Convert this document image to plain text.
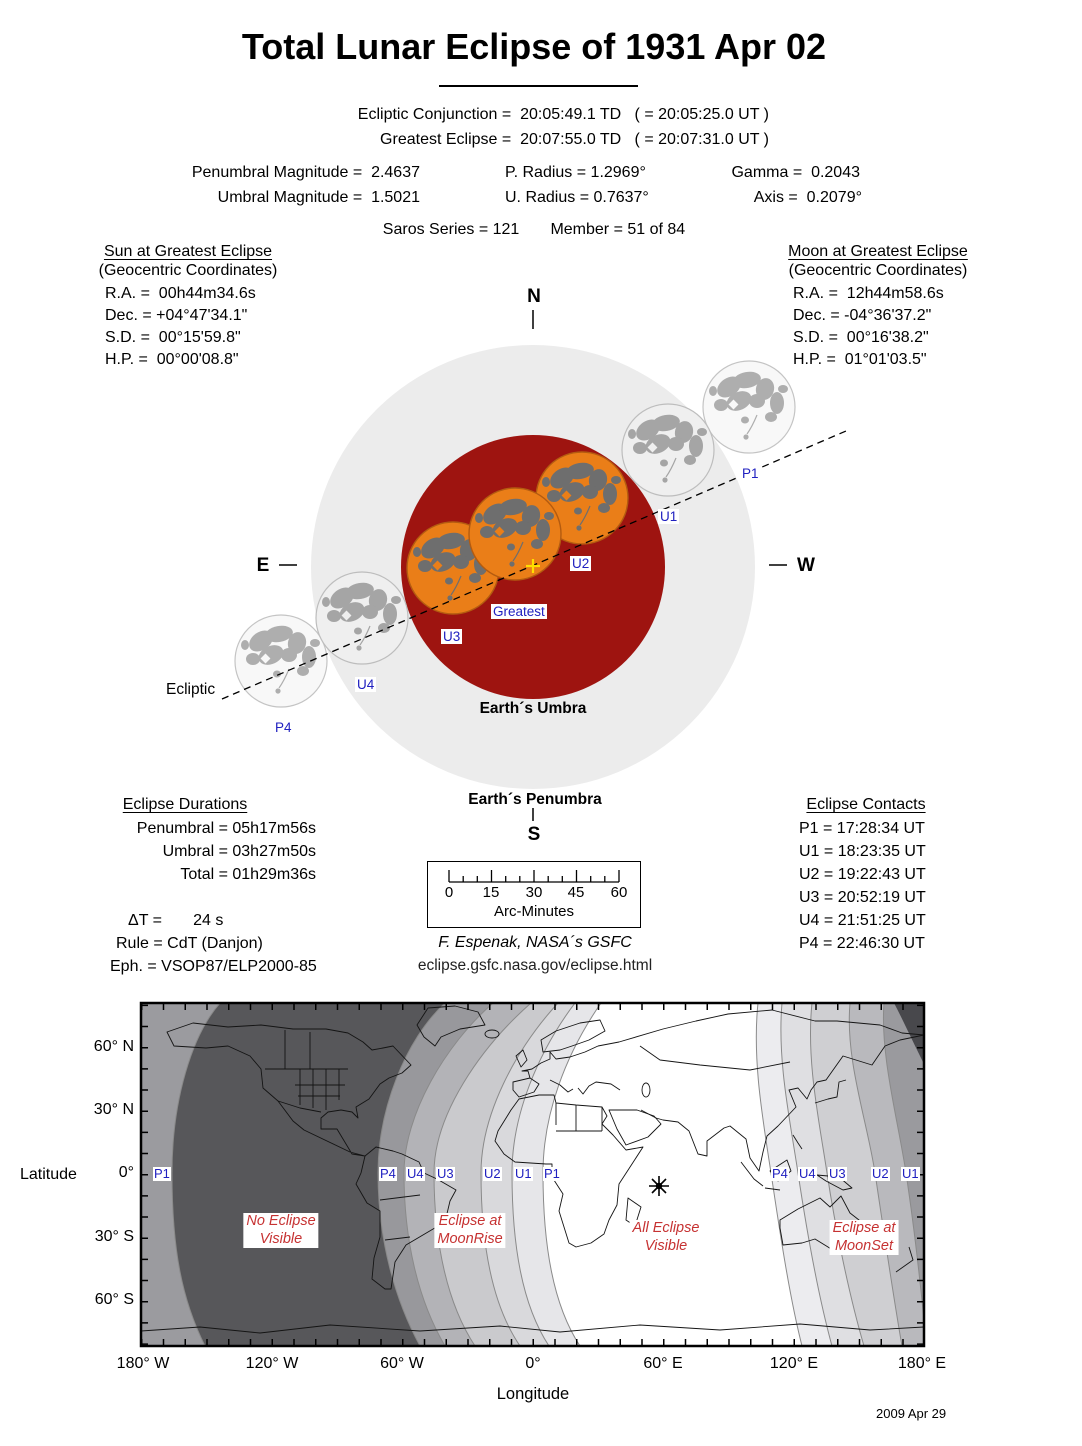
Total Lunar Eclipse of 1931 Apr 02
Ecliptic Conjunction =  20:05:49.1 TD   ( = 20:05:25.0 UT )
Greatest Eclipse =  20:07:55.0 TD   ( = 20:07:31.0 UT )
Penumbral Magnitude =  2.4637	P. Radius = 1.2969°	Gamma =  0.2043
Umbral Magnitude =  1.5021	U. Radius = 0.7637°	Axis =  0.2079°
Saros Series = 121       Member = 51 of 84
Sun at Greatest Eclipse
(Geocentric Coordinates)
R.A. =  00h44m34.6s
Dec. = +04°47'34.1"
S.D. =  00°15'59.8"
H.P. =  00°00'08.8"
Moon at Greatest Eclipse
(Geocentric Coordinates)
R.A. =  12h44m58.6s
Dec. = -04°36'37.2"
S.D. =  00°16'38.2"
H.P. =  01°01'03.5"
N
S
E	W
P1
U1
U2
Greatest
U3
U4
P4
Ecliptic
Earth´s Umbra
Earth´s Penumbra
Eclipse Durations
Penumbral = 05h17m56s
Umbral = 03h27m50s
Total = 01h29m36s
ΔT =       24 s
Rule = CdT (Danjon)
Eph. = VSOP87/ELP2000-85
Eclipse Contacts
P1 = 17:28:34 UT
U1 = 18:23:35 UT
U2 = 19:22:43 UT
U3 = 20:52:19 UT
U4 = 21:51:25 UT
P4 = 22:46:30 UT
0 15 30 45 60
Arc-Minutes
F. Espenak, NASA´s GSFC
eclipse.gsfc.nasa.gov/eclipse.html
Latitude
60° N
30° N
0°
30° S
60° S
180° W	120° W	60° W	0°	60° E	120° E	180° E
Longitude
P1	P4 U4 U3 U2 U1 P1	P4 U4 U3 U2 U1
No Eclipse
Visible
Eclipse at
MoonRise
All Eclipse
Visible
Eclipse at
MoonSet
2009 Apr 29
